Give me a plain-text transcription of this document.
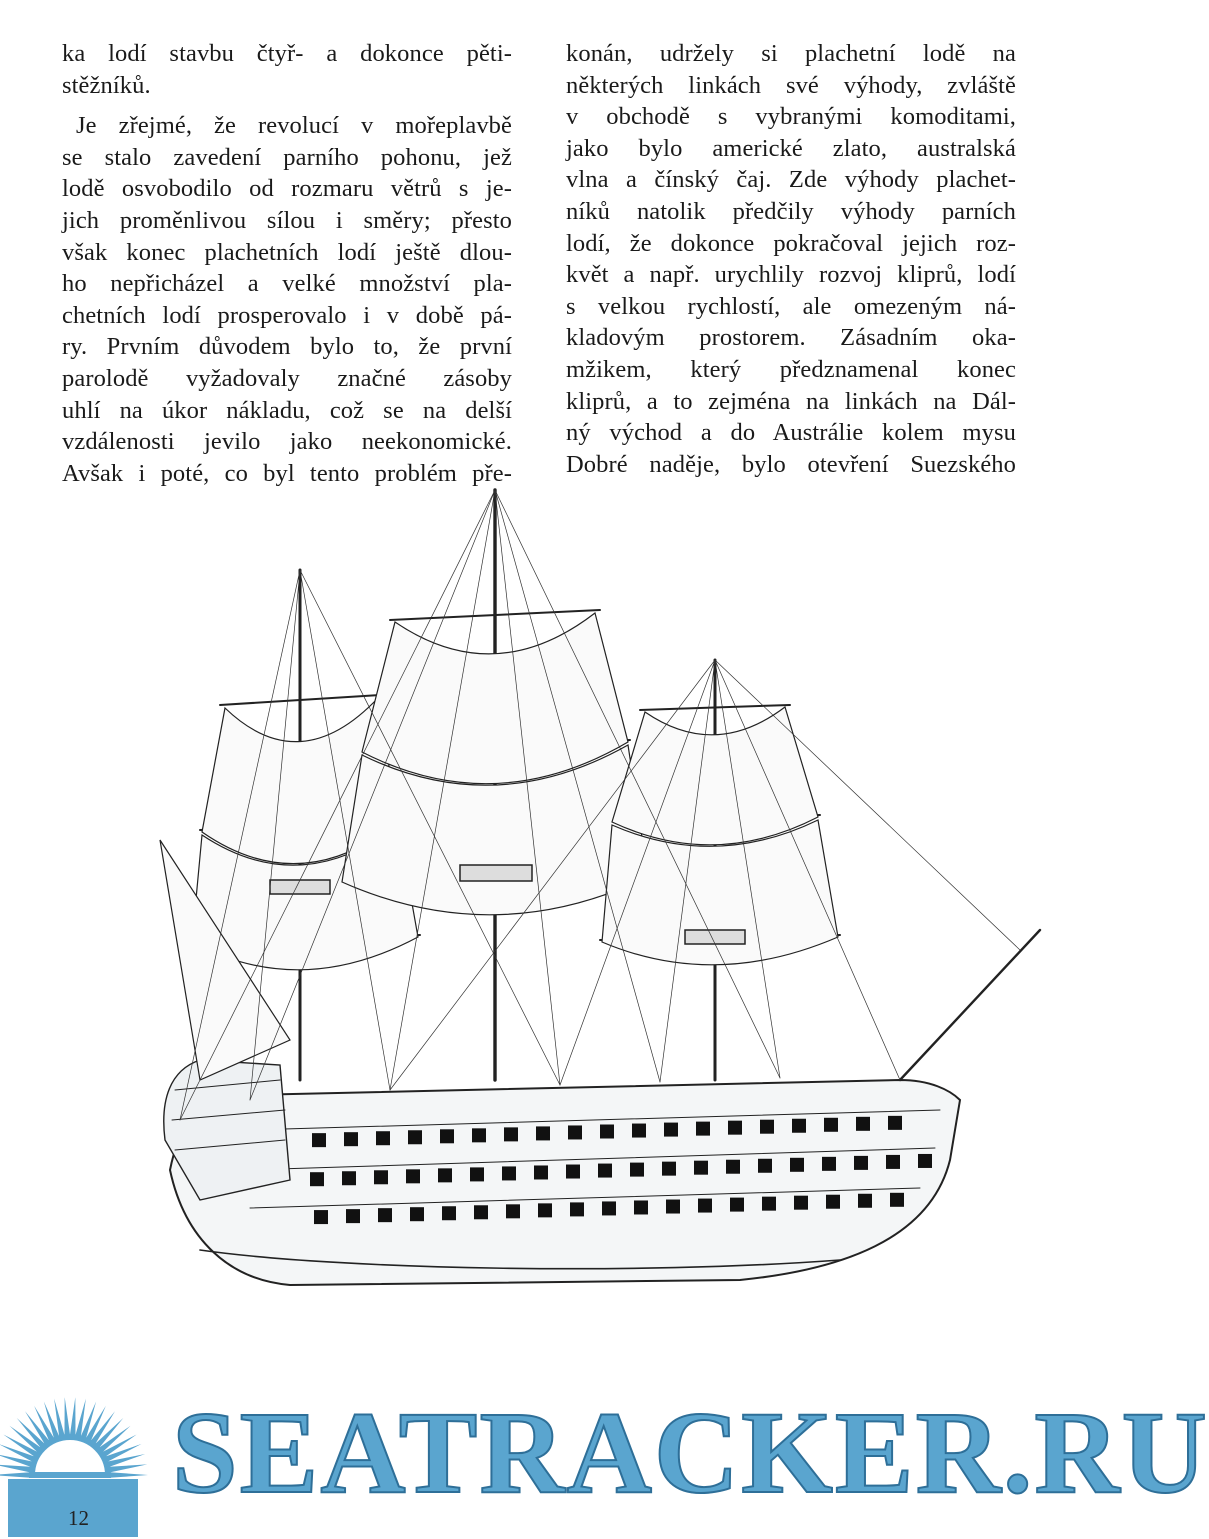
ka lodí stavbu čtyř- a dokonce pěti-
stěžníků.
Je zřejmé, že revolucí v mořeplavbě
se stalo zavedení parního pohonu, jež
lodě osvobodilo od rozmaru větrů s je-
jich proměnlivou sílou i směry; přesto
však konec plachetních lodí ještě dlou-
ho nepřicházel a velké množství pla-
chetních lodí prosperovalo i v době pá-
ry. Prvním důvodem bylo to, že první
parolodě vyžadovaly značné zásoby
uhlí na úkor nákladu, což se na delší
vzdálenosti jevilo jako neekonomické.
Avšak i poté, co byl tento problém pře-
konán, udržely si plachetní lodě na
některých linkách své výhody, zvláště
v obchodě s vybranými komoditami,
jako bylo americké zlato, australská
vlna a čínský čaj. Zde výhody plachet-
níků natolik předčily výhody parních
lodí, že dokonce pokračoval jejich roz-
květ a např. urychlily rozvoj kliprů, lodí
s velkou rychlostí, ale omezeným ná-
kladovým prostorem. Zásadním oka-
mžikem, který předznamenal konec
kliprů, a to zejména na linkách na Dál-
ný východ a do Austrálie kolem mysu
Dobré naděje, bylo otevření Suezského
SEATRACKER.RU
12
